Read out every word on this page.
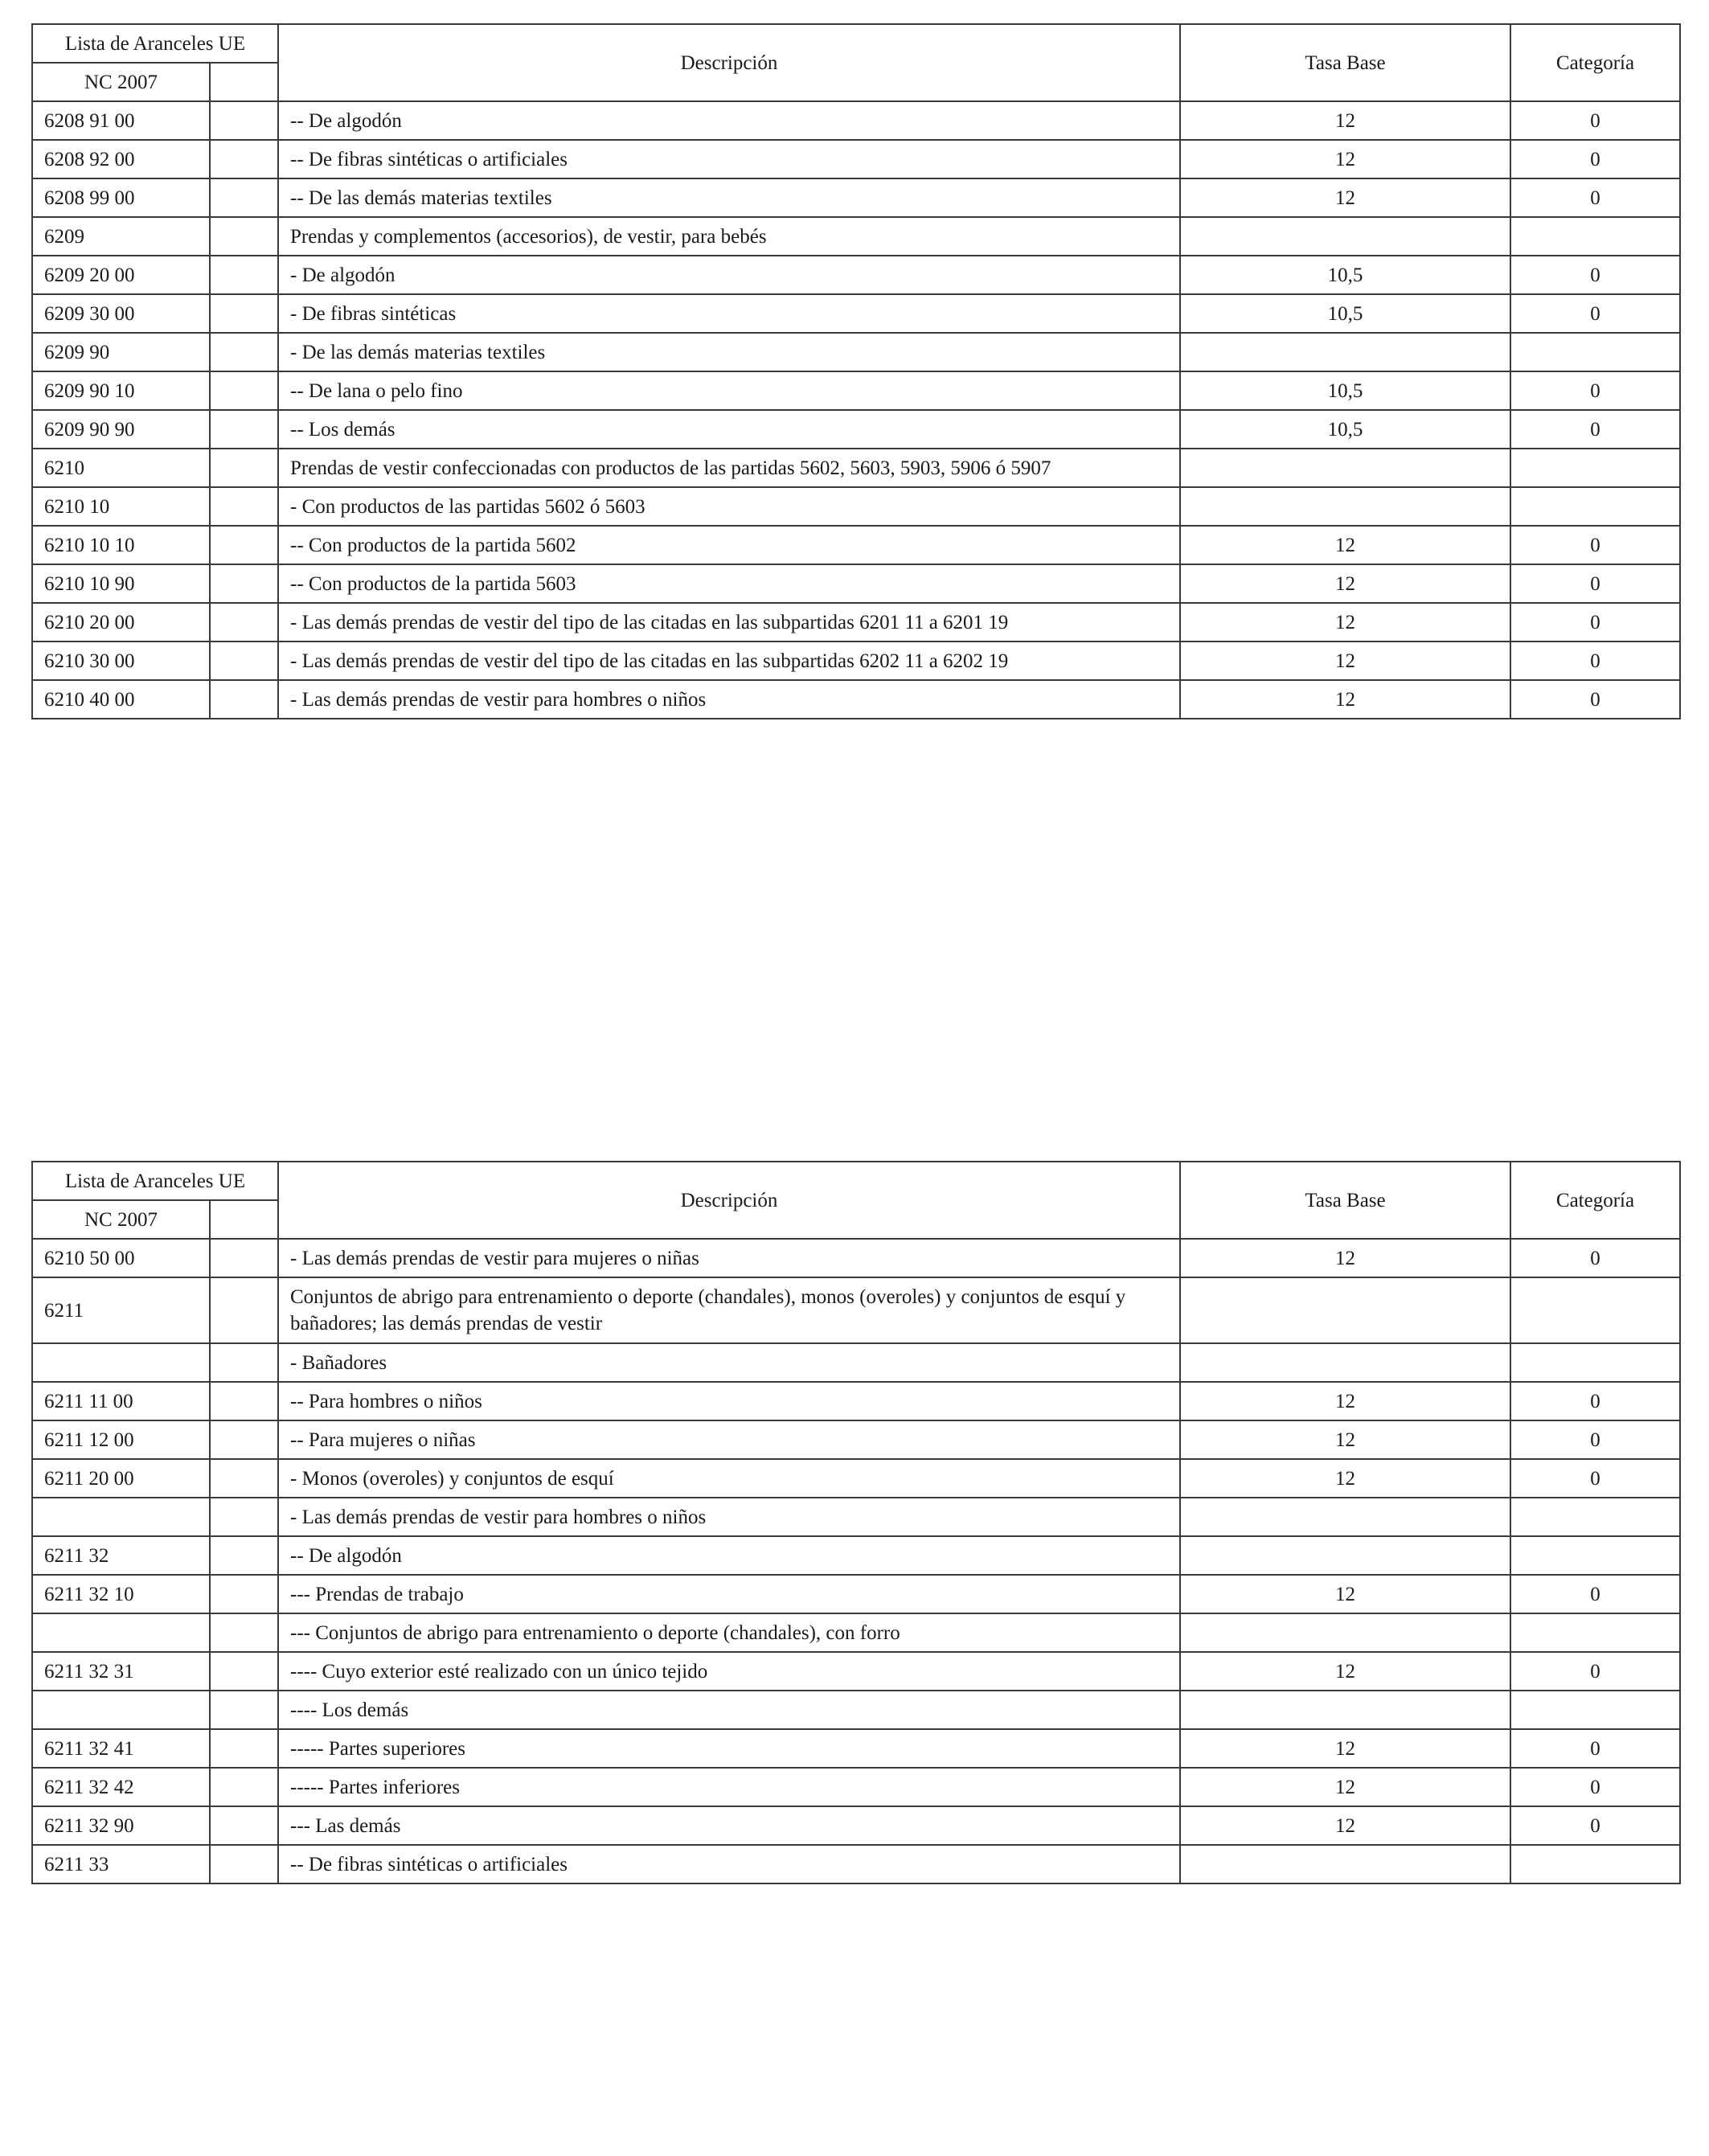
Lista de Aranceles UE		Descripción	Tasa Base	Categoría
NC 2007				
6208 91 00		-- De algodón	12	0
6208 92 00		-- De fibras sintéticas o artificiales	12	0
6208 99 00		-- De las demás materias textiles	12	0
6209		Prendas y complementos (accesorios), de vestir, para bebés		
6209 20 00		- De algodón	10,5	0
6209 30 00		- De fibras sintéticas	10,5	0
6209 90		- De las demás materias textiles		
6209 90 10		-- De lana o pelo fino	10,5	0
6209 90 90		-- Los demás	10,5	0
6210		Prendas de vestir confeccionadas con productos de las partidas 5602, 5603, 5903, 5906 ó 5907		
6210 10		- Con productos de las partidas 5602 ó 5603		
6210 10 10		-- Con productos de la partida 5602	12	0
6210 10 90		-- Con productos de la partida 5603	12	0
6210 20 00		- Las demás prendas de vestir del tipo de las citadas en las subpartidas 6201 11 a 6201 19	12	0
6210 30 00		- Las demás prendas de vestir del tipo de las citadas en las subpartidas 6202 11 a 6202 19	12	0
6210 40 00		- Las demás prendas de vestir para hombres o niños	12	0
Lista de Aranceles UE		Descripción	Tasa Base	Categoría
NC 2007				
6210 50 00		- Las demás prendas de vestir para mujeres o niñas	12	0
6211		Conjuntos de abrigo para entrenamiento o deporte (chandales), monos (overoles) y conjuntos de esquí y bañadores; las demás prendas de vestir		
		- Bañadores		
6211 11 00		-- Para hombres o niños	12	0
6211 12 00		-- Para mujeres o niñas	12	0
6211 20 00		- Monos (overoles) y conjuntos de esquí	12	0
		- Las demás prendas de vestir para hombres o niños		
6211 32		-- De algodón		
6211 32 10		--- Prendas de trabajo	12	0
		--- Conjuntos de abrigo para entrenamiento o deporte (chandales), con forro		
6211 32 31		---- Cuyo exterior esté realizado con un único tejido	12	0
		---- Los demás		
6211 32 41		----- Partes superiores	12	0
6211 32 42		----- Partes inferiores	12	0
6211 32 90		--- Las demás	12	0
6211 33		-- De fibras sintéticas o artificiales		
